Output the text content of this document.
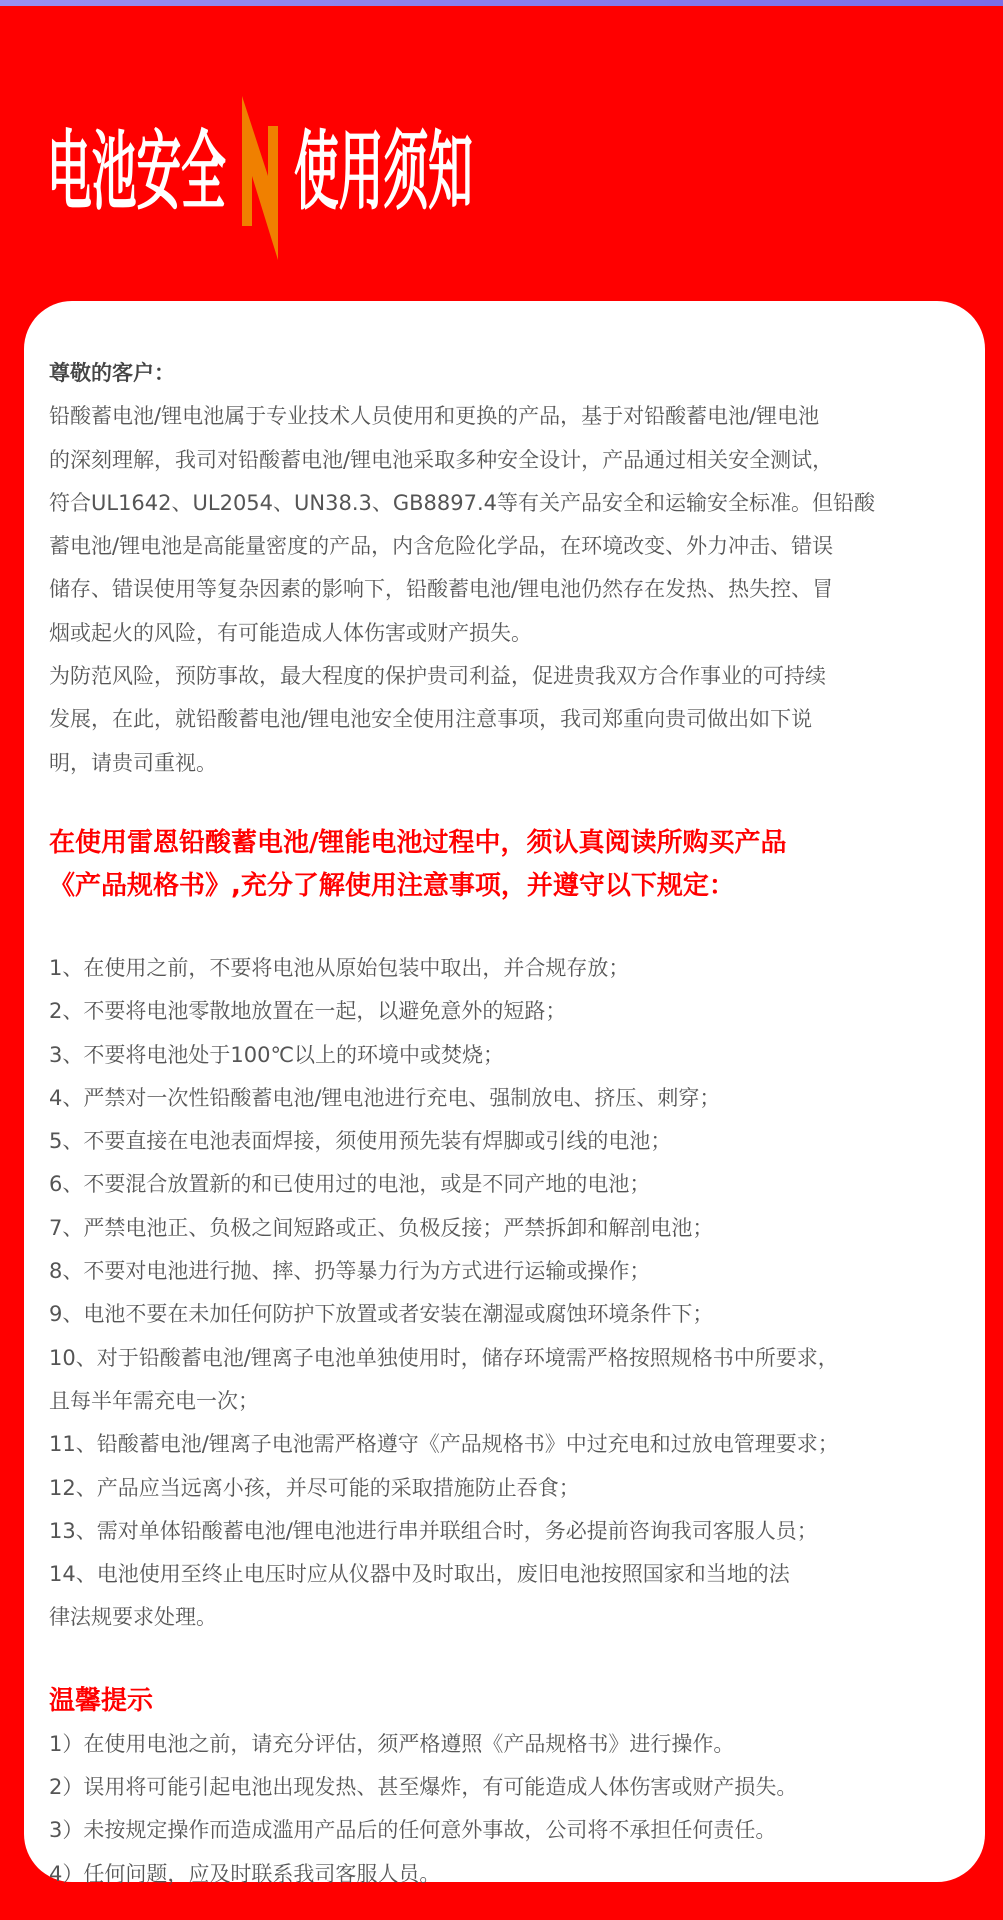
电池安全 使用须知
尊敬的客户：
铅酸蓄电池/锂电池属于专业技术人员使用和更换的产品，基于对铅酸蓄电池/锂电池
的深刻理解，我司对铅酸蓄电池/锂电池采取多种安全设计，产品通过相关安全测试，
符合UL1642、UL2054、UN38.3、GB8897.4等有关产品安全和运输安全标准。但铅酸
蓄电池/锂电池是高能量密度的产品，内含危险化学品，在环境改变、外力冲击、错误
储存、错误使用等复杂因素的影响下，铅酸蓄电池/锂电池仍然存在发热、热失控、冒
烟或起火的风险，有可能造成人体伤害或财产损失。
为防范风险，预防事故，最大程度的保护贵司利益，促进贵我双方合作事业的可持续
发展，在此，就铅酸蓄电池/锂电池安全使用注意事项，我司郑重向贵司做出如下说
明，请贵司重视。
在使用雷恩铅酸蓄电池/锂能电池过程中，须认真阅读所购买产品
《产品规格书》,充分了解使用注意事项，并遵守以下规定：
1、在使用之前，不要将电池从原始包装中取出，并合规存放；
2、不要将电池零散地放置在一起，以避免意外的短路；
3、不要将电池处于100℃以上的环境中或焚烧；
4、严禁对一次性铅酸蓄电池/锂电池进行充电、强制放电、挤压、刺穿；
5、不要直接在电池表面焊接，须使用预先装有焊脚或引线的电池；
6、不要混合放置新的和已使用过的电池，或是不同产地的电池；
7、严禁电池正、负极之间短路或正、负极反接；严禁拆卸和解剖电池；
8、不要对电池进行抛、摔、扔等暴力行为方式进行运输或操作；
9、电池不要在未加任何防护下放置或者安装在潮湿或腐蚀环境条件下；
10、对于铅酸蓄电池/锂离子电池单独使用时，储存环境需严格按照规格书中所要求，
且每半年需充电一次；
11、铅酸蓄电池/锂离子电池需严格遵守《产品规格书》中过充电和过放电管理要求；
12、产品应当远离小孩，并尽可能的采取措施防止吞食；
13、需对单体铅酸蓄电池/锂电池进行串并联组合时，务必提前咨询我司客服人员；
14、电池使用至终止电压时应从仪器中及时取出，废旧电池按照国家和当地的法
律法规要求处理。
温馨提示
1）在使用电池之前，请充分评估，须严格遵照《产品规格书》进行操作。
2）误用将可能引起电池出现发热、甚至爆炸，有可能造成人体伤害或财产损失。
3）未按规定操作而造成滥用产品后的任何意外事故，公司将不承担任何责任。
4）任何问题，应及时联系我司客服人员。
